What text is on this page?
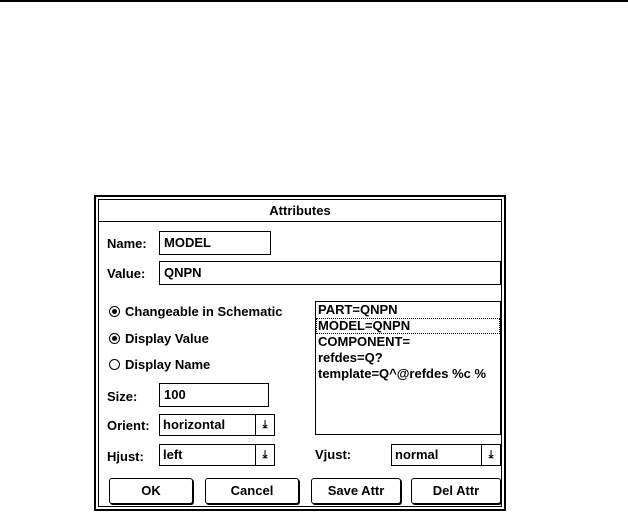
Attributes
Name:	MODEL
Value:	QNPN
Changeable in Schematic
Display Value
Display Name
PART=QNPN
MODEL=QNPN
COMPONENT=
refdes=Q?
template=Q^@refdes %c %
Size:	100
Orient: horizontal	⤓
Hjust: left	⤓	Vjust:	normal	⤓
OK	Cancel	Save Attr	Del Attr
